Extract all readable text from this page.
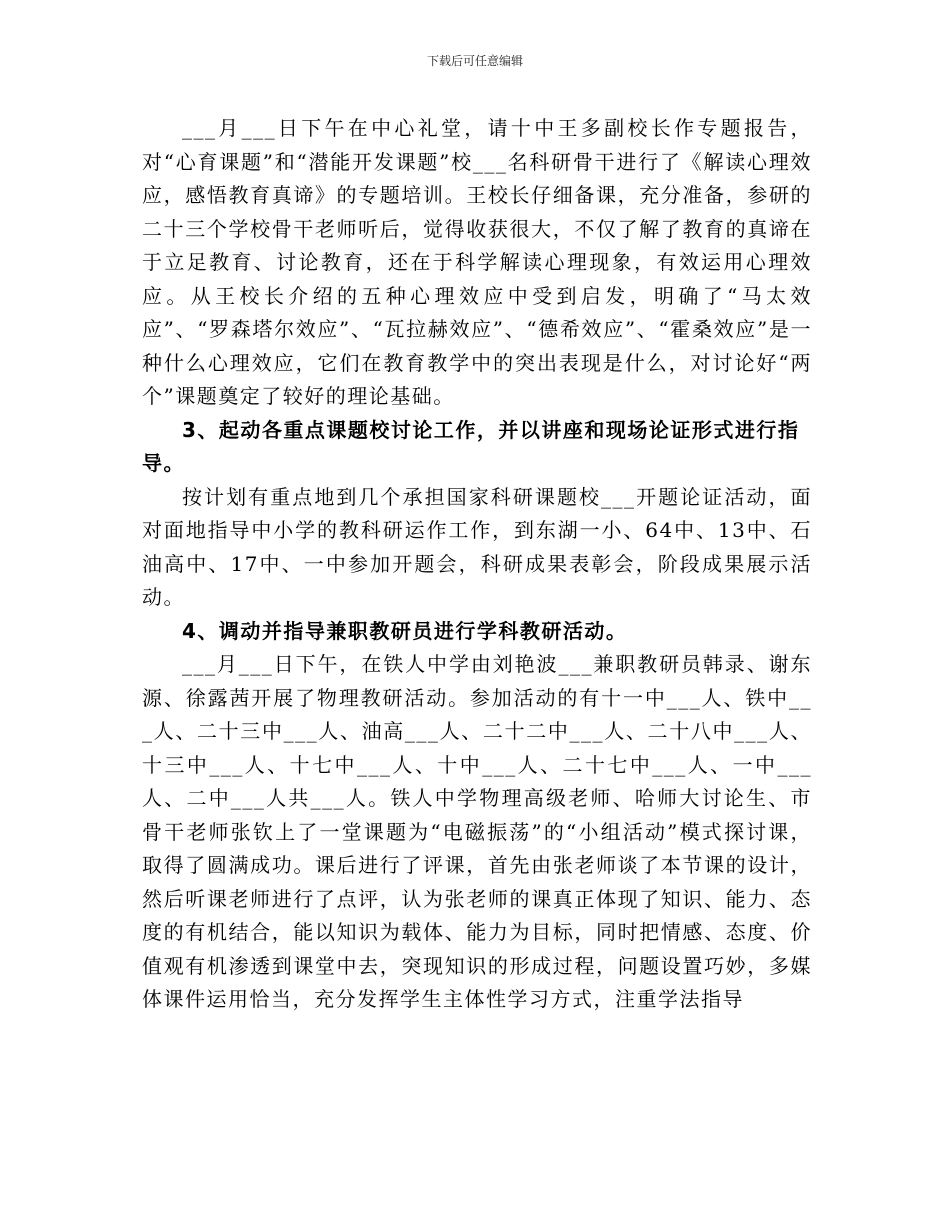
下载后可任意编辑

___月___日下午在中心礼堂，请十中王多副校长作专题报告，对“心育课题”和“潜能开发课题”校___名科研骨干进行了《解读心理效应，感悟教育真谛》的专题培训。王校长仔细备课，充分准备，参研的二十三个学校骨干老师听后，觉得收获很大，不仅了解了教育的真谛在于立足教育、讨论教育，还在于科学解读心理现象，有效运用心理效应。从王校长介绍的五种心理效应中受到启发，明确了“马太效应”、“罗森塔尔效应”、“瓦拉赫效应”、“德希效应”、“霍桑效应”是一种什么心理效应，它们在教育教学中的突出表现是什么，对讨论好“两个”课题奠定了较好的理论基础。

3、起动各重点课题校讨论工作，并以讲座和现场论证形式进行指导。

按计划有重点地到几个承担国家科研课题校___开题论证活动，面对面地指导中小学的教科研运作工作，到东湖一小、64中、13中、石油高中、17中、一中参加开题会，科研成果表彰会，阶段成果展示活动。

4、调动并指导兼职教研员进行学科教研活动。

___月___日下午，在铁人中学由刘艳波___兼职教研员韩录、谢东源、徐露茜开展了物理教研活动。参加活动的有十一中___人、铁中___人、二十三中___人、油高___人、二十二中___人、二十八中___人、十三中___人、十七中___人、十中___人、二十七中___人、一中___人、二中___人共___人。铁人中学物理高级老师、哈师大讨论生、市骨干老师张钦上了一堂课题为“电磁振荡”的“小组活动”模式探讨课，取得了圆满成功。课后进行了评课，首先由张老师谈了本节课的设计，然后听课老师进行了点评，认为张老师的课真正体现了知识、能力、态度的有机结合，能以知识为载体、能力为目标，同时把情感、态度、价值观有机渗透到课堂中去，突现知识的形成过程，问题设置巧妙，多媒体课件运用恰当，充分发挥学生主体性学习方式，注重学法指导
